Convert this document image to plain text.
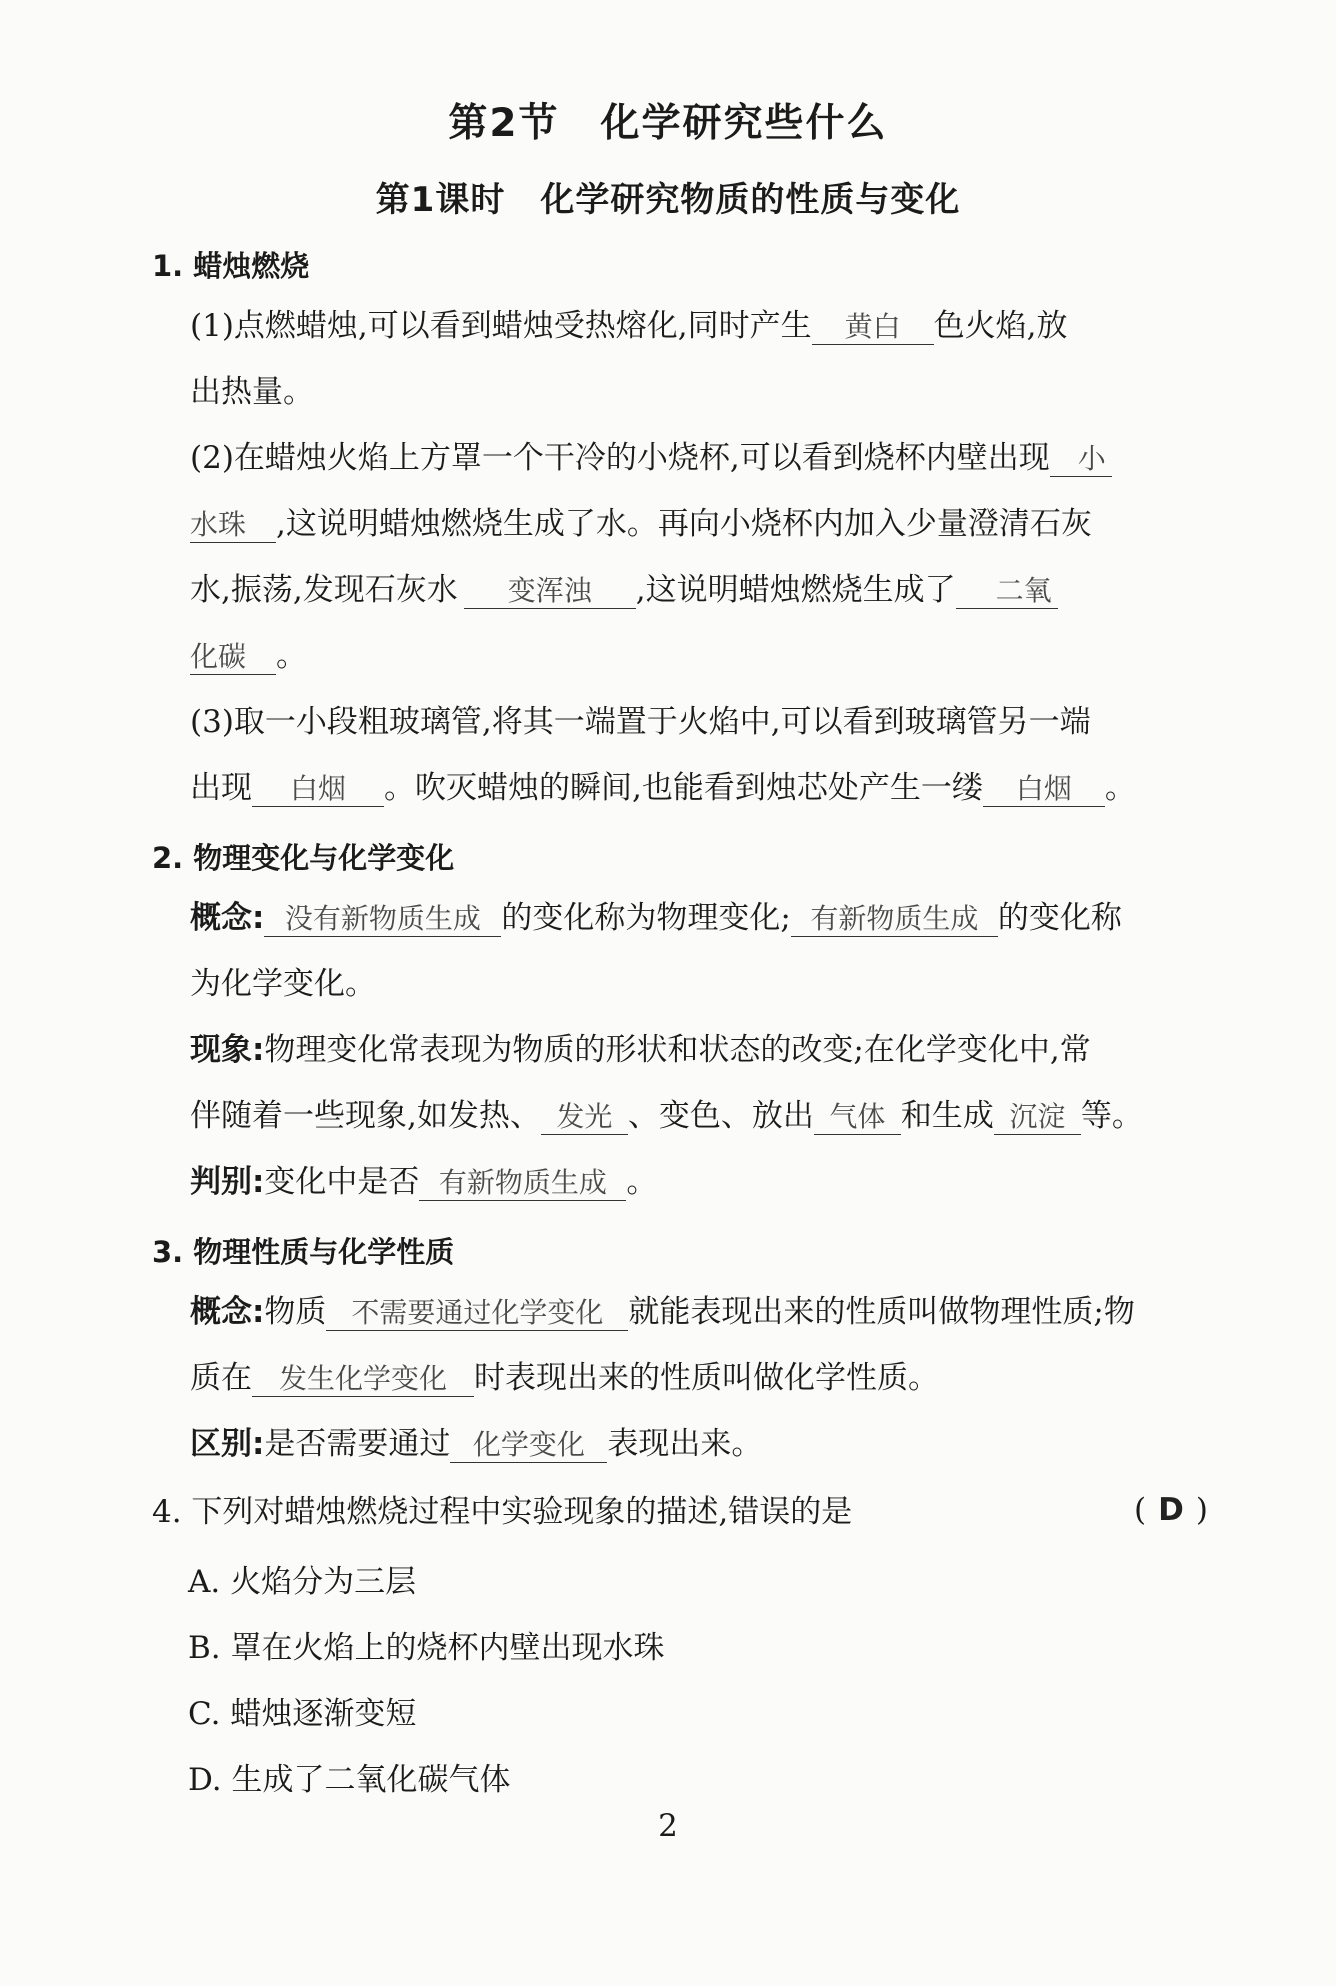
第2节　化学研究些什么
第1课时　化学研究物质的性质与变化
1. 蜡烛燃烧
(1)点燃蜡烛,可以看到蜡烛受热熔化,同时产生 黄白 色火焰,放
出热量。
(2)在蜡烛火焰上方罩一个干冷的小烧杯,可以看到烧杯内壁出现 小
水珠 ,这说明蜡烛燃烧生成了水。再向小烧杯内加入少量澄清石灰
水,振荡,发现石灰水 变浑浊 ,这说明蜡烛燃烧生成了 二氧
化碳 。
(3)取一小段粗玻璃管,将其一端置于火焰中,可以看到玻璃管另一端
出现 白烟 。吹灭蜡烛的瞬间,也能看到烛芯处产生一缕 白烟 。
2. 物理变化与化学变化
概念: 没有新物质生成 的变化称为物理变化; 有新物质生成 的变化称
为化学变化。
现象:物理变化常表现为物质的形状和状态的改变;在化学变化中,常
伴随着一些现象,如发热、 发光 、变色、放出 气体 和生成 沉淀 等。
判别:变化中是否 有新物质生成 。
3. 物理性质与化学性质
概念:物质 不需要通过化学变化 就能表现出来的性质叫做物理性质;物
质在 发生化学变化 时表现出来的性质叫做化学性质。
区别:是否需要通过 化学变化 表现出来。
4. 下列对蜡烛燃烧过程中实验现象的描述,错误的是	( D )
A. 火焰分为三层
B. 罩在火焰上的烧杯内壁出现水珠
C. 蜡烛逐渐变短
D. 生成了二氧化碳气体
2
